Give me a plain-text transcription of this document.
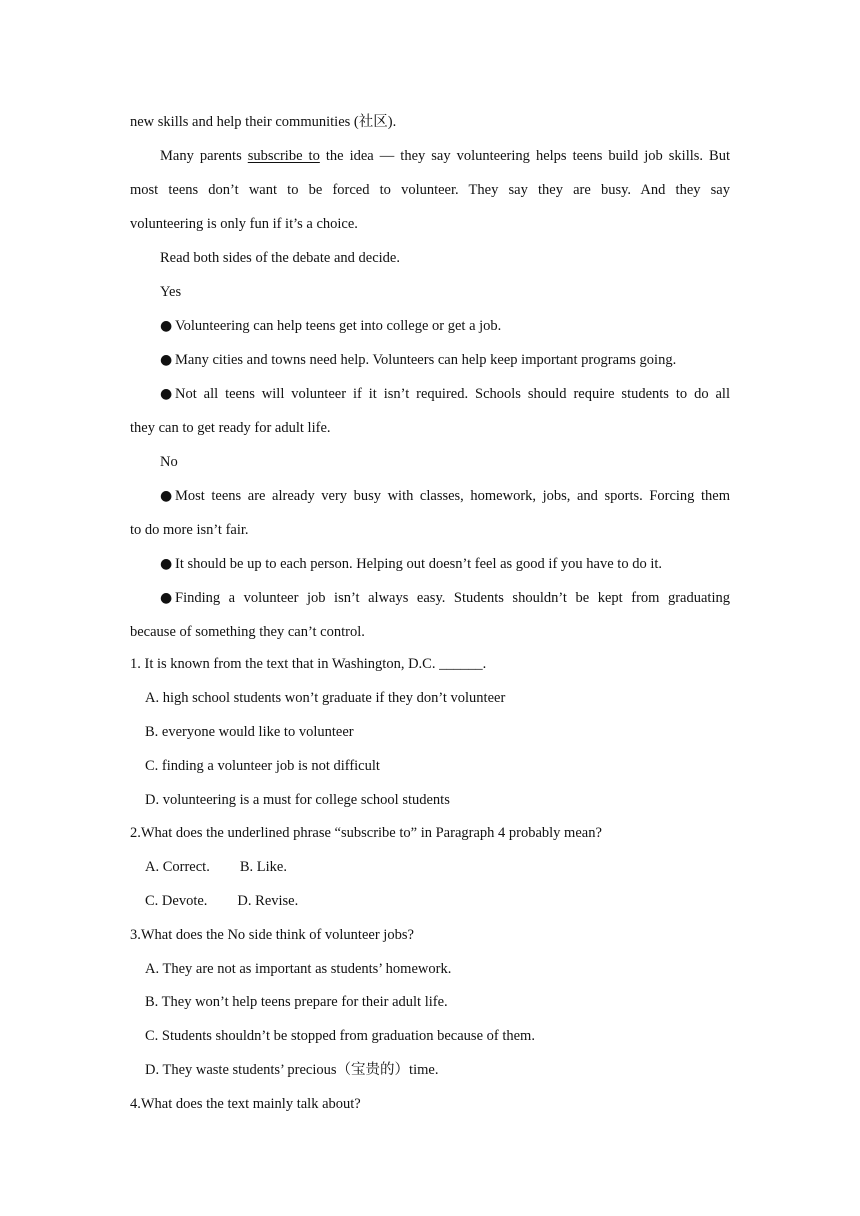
new skills and help their communities (社区).

Many parents subscribe to the idea — they say volunteering helps teens build job skills. But

most teens don’t want to be forced to volunteer. They say they are busy. And they say

volunteering is only fun if it’s a choice.

Read both sides of the debate and decide.

Yes

● Volunteering can help teens get into college or get a job.

● Many cities and towns need help. Volunteers can help keep important programs going.

● Not all teens will volunteer if it isn’t required. Schools should require students to do all

they can to get ready for adult life.

No

● Most teens are already very busy with classes, homework, jobs, and sports. Forcing them

to do more isn’t fair.

● It should be up to each person. Helping out doesn’t feel as good if you have to do it.

● Finding a volunteer job isn’t always easy. Students shouldn’t be kept from graduating

because of something they can’t control.

1. It is known from the text that in Washington, D.C. ______.

A. high school students won’t graduate if they don’t volunteer

B. everyone would like to volunteer

C. finding a volunteer job is not difficult

D. volunteering is a must for college school students

2.What does the underlined phrase “subscribe to” in Paragraph 4 probably mean?

A. Correct. B. Like.

C. Devote. D. Revise.

3.What does the No side think of volunteer jobs?

A. They are not as important as students’ homework.

B. They won’t help teens prepare for their adult life.

C. Students shouldn’t be stopped from graduation because of them.

D. They waste students’ precious（宝贵的）time.

4.What does the text mainly talk about?
